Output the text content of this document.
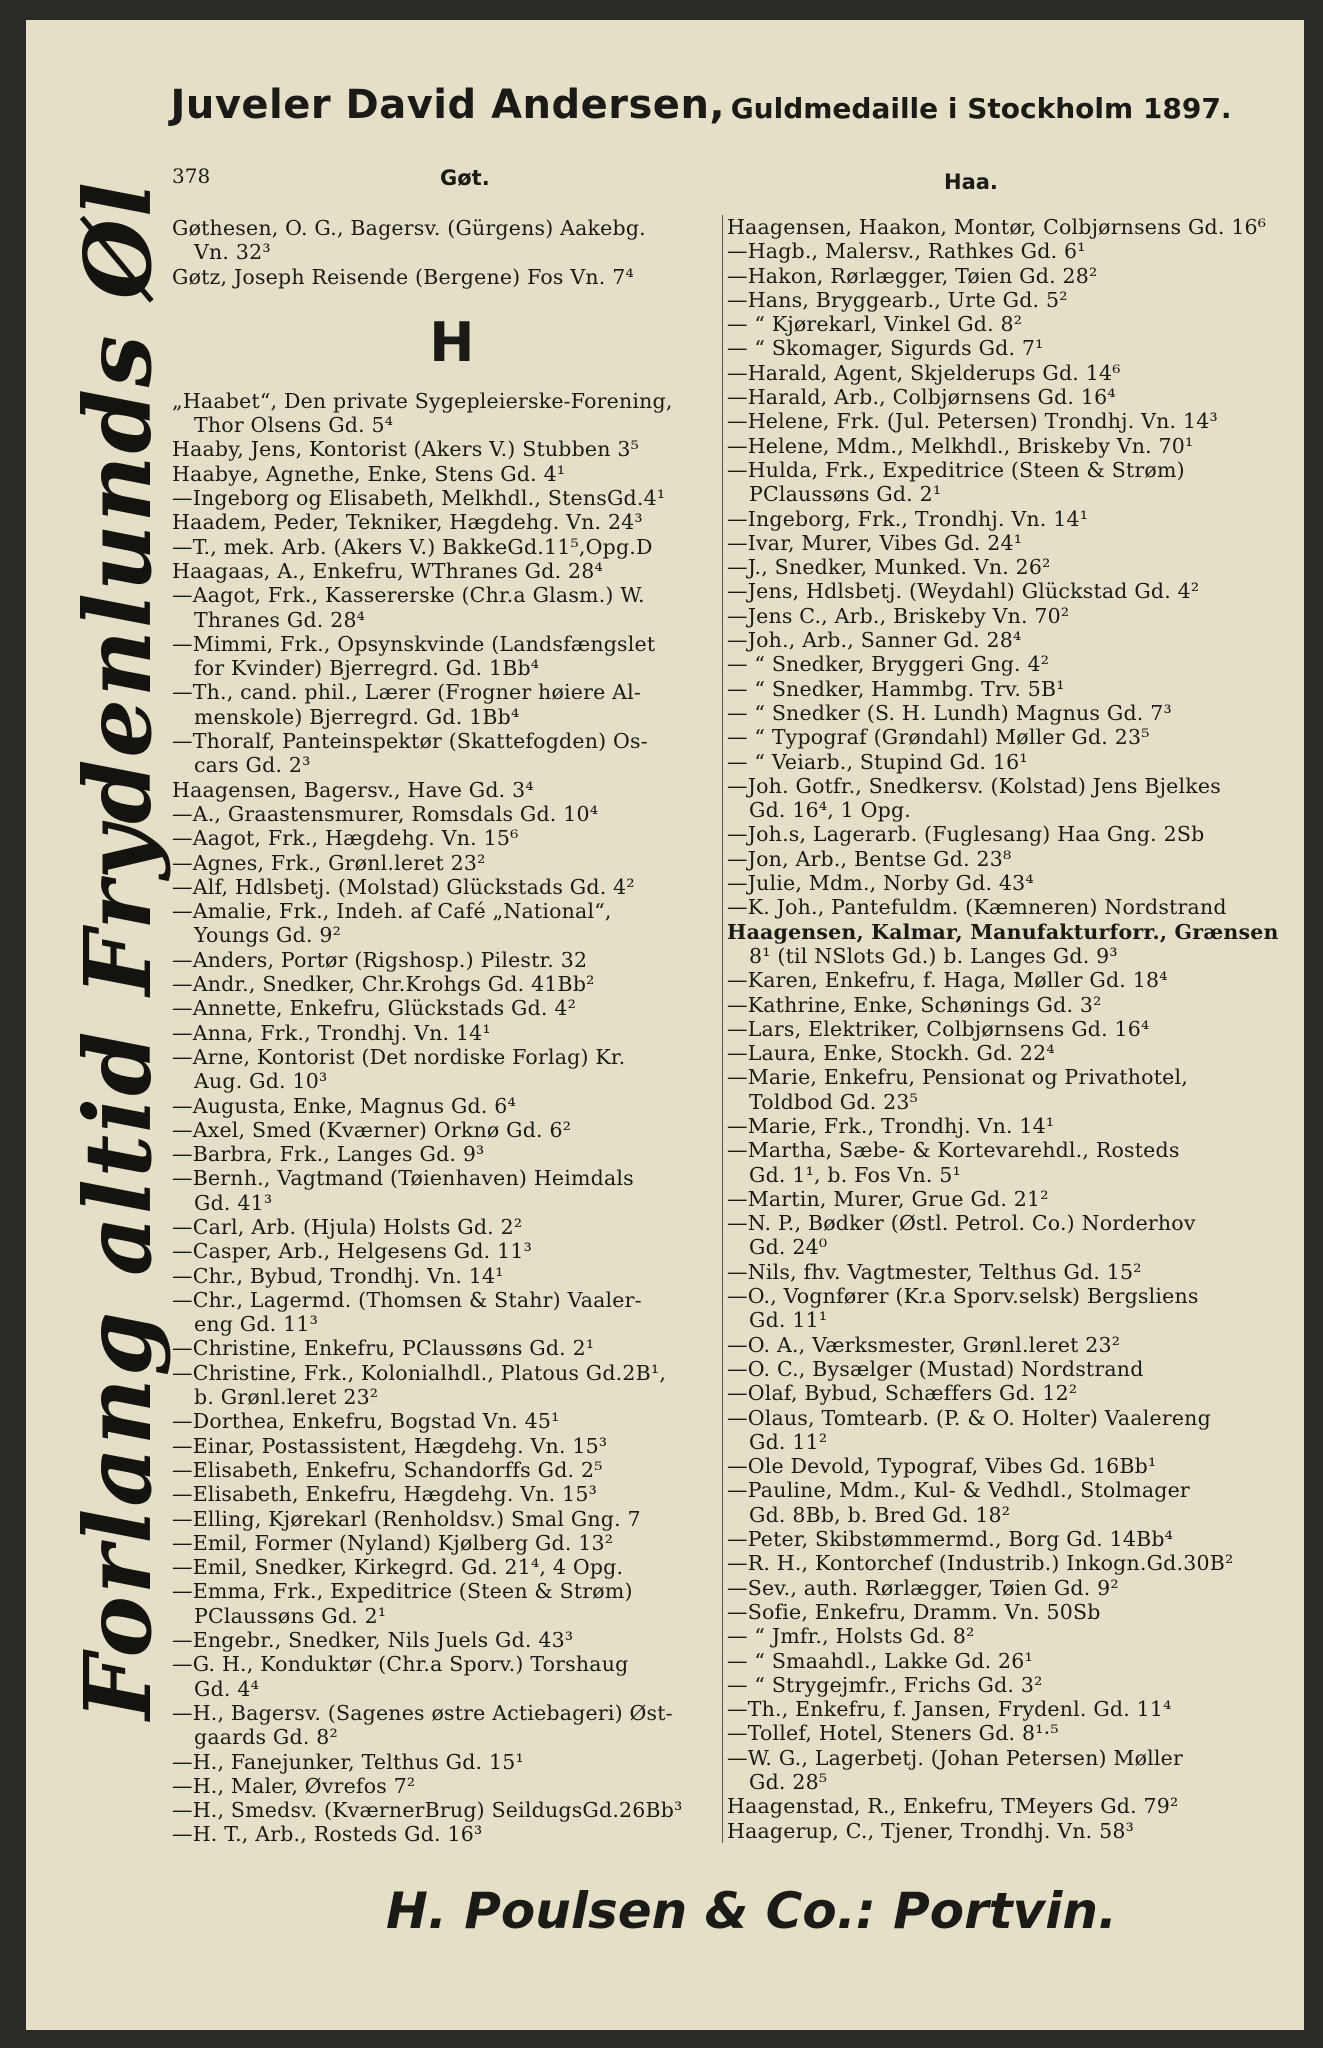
Juveler David Andersen, Guldmedaille i Stockholm 1897.
378	Gøt.	Haa.
Forlang altid Frydenlunds Øl Gøthesen, O. G., Bagersv. (Gürgens) Aakebg.
Vn. 32³
Gøtz, Joseph Reisende (Bergene) Fos Vn. 7⁴
H
„Haabet“, Den private Sygepleierske-Forening,
Thor Olsens Gd. 5⁴
Haaby, Jens, Kontorist (Akers V.) Stubben 3⁵
Haabye, Agnethe, Enke, Stens Gd. 4¹
—Ingeborg og Elisabeth, Melkhdl., StensGd.4¹
Haadem, Peder, Tekniker, Hægdehg. Vn. 24³
—T., mek. Arb. (Akers V.) BakkeGd.11⁵,Opg.D
Haagaas, A., Enkefru, WThranes Gd. 28⁴
—Aagot, Frk., Kassererske (Chr.a Glasm.) W.
Thranes Gd. 28⁴
—Mimmi, Frk., Opsynskvinde (Landsfængslet
for Kvinder) Bjerregrd. Gd. 1Bb⁴
—Th., cand. phil., Lærer (Frogner høiere Al-
menskole) Bjerregrd. Gd. 1Bb⁴
—Thoralf, Panteinspektør (Skattefogden) Os-
cars Gd. 2³
Haagensen, Bagersv., Have Gd. 3⁴
—A., Graastensmurer, Romsdals Gd. 10⁴
—Aagot, Frk., Hægdehg. Vn. 15⁶
—Agnes, Frk., Grønl.leret 23²
—Alf, Hdlsbetj. (Molstad) Glückstads Gd. 4²
—Amalie, Frk., Indeh. af Café „National“,
Youngs Gd. 9²
—Anders, Portør (Rigshosp.) Pilestr. 32
—Andr., Snedker, Chr.Krohgs Gd. 41Bb²
—Annette, Enkefru, Glückstads Gd. 4²
—Anna, Frk., Trondhj. Vn. 14¹
—Arne, Kontorist (Det nordiske Forlag) Kr.
Aug. Gd. 10³
—Augusta, Enke, Magnus Gd. 6⁴
—Axel, Smed (Kværner) Orknø Gd. 6²
—Barbra, Frk., Langes Gd. 9³
—Bernh., Vagtmand (Tøienhaven) Heimdals
Gd. 41³
—Carl, Arb. (Hjula) Holsts Gd. 2²
—Casper, Arb., Helgesens Gd. 11³
—Chr., Bybud, Trondhj. Vn. 14¹
—Chr., Lagermd. (Thomsen & Stahr) Vaaler-
eng Gd. 11³
—Christine, Enkefru, PClaussøns Gd. 2¹
—Christine, Frk., Kolonialhdl., Platous Gd.2B¹,
b. Grønl.leret 23²
—Dorthea, Enkefru, Bogstad Vn. 45¹
—Einar, Postassistent, Hægdehg. Vn. 15³
—Elisabeth, Enkefru, Schandorffs Gd. 2⁵
—Elisabeth, Enkefru, Hægdehg. Vn. 15³
—Elling, Kjørekarl (Renholdsv.) Smal Gng. 7
—Emil, Former (Nyland) Kjølberg Gd. 13²
—Emil, Snedker, Kirkegrd. Gd. 21⁴, 4 Opg.
—Emma, Frk., Expeditrice (Steen & Strøm)
PClaussøns Gd. 2¹
—Engebr., Snedker, Nils Juels Gd. 43³
—G. H., Konduktør (Chr.a Sporv.) Torshaug
Gd. 4⁴
—H., Bagersv. (Sagenes østre Actiebageri) Øst-
gaards Gd. 8²
—H., Fanejunker, Telthus Gd. 15¹
—H., Maler, Øvrefos 7²
—H., Smedsv. (KværnerBrug) SeildugsGd.26Bb³
—H. T., Arb., Rosteds Gd. 16³
Haagensen, Haakon, Montør, Colbjørnsens Gd. 16⁶
—Hagb., Malersv., Rathkes Gd. 6¹
—Hakon, Rørlægger, Tøien Gd. 28²
—Hans, Bryggearb., Urte Gd. 5²
— “ Kjørekarl, Vinkel Gd. 8²
— “ Skomager, Sigurds Gd. 7¹
—Harald, Agent, Skjelderups Gd. 14⁶
—Harald, Arb., Colbjørnsens Gd. 16⁴
—Helene, Frk. (Jul. Petersen) Trondhj. Vn. 14³
—Helene, Mdm., Melkhdl., Briskeby Vn. 70¹
—Hulda, Frk., Expeditrice (Steen & Strøm)
PClaussøns Gd. 2¹
—Ingeborg, Frk., Trondhj. Vn. 14¹
—Ivar, Murer, Vibes Gd. 24¹
—J., Snedker, Munked. Vn. 26²
—Jens, Hdlsbetj. (Weydahl) Glückstad Gd. 4²
—Jens C., Arb., Briskeby Vn. 70²
—Joh., Arb., Sanner Gd. 28⁴
— “ Snedker, Bryggeri Gng. 4²
— “ Snedker, Hammbg. Trv. 5B¹
— “ Snedker (S. H. Lundh) Magnus Gd. 7³
— “ Typograf (Grøndahl) Møller Gd. 23⁵
— “ Veiarb., Stupind Gd. 16¹
—Joh. Gotfr., Snedkersv. (Kolstad) Jens Bjelkes
Gd. 16⁴, 1 Opg.
—Joh.s, Lagerarb. (Fuglesang) Haa Gng. 2Sb
—Jon, Arb., Bentse Gd. 23⁸
—Julie, Mdm., Norby Gd. 43⁴
—K. Joh., Pantefuldm. (Kæmneren) Nordstrand
Haagensen, Kalmar, Manufakturforr., Grænsen
8¹ (til NSlots Gd.) b. Langes Gd. 9³
—Karen, Enkefru, f. Haga, Møller Gd. 18⁴
—Kathrine, Enke, Schønings Gd. 3²
—Lars, Elektriker, Colbjørnsens Gd. 16⁴
—Laura, Enke, Stockh. Gd. 22⁴
—Marie, Enkefru, Pensionat og Privathotel,
Toldbod Gd. 23⁵
—Marie, Frk., Trondhj. Vn. 14¹
—Martha, Sæbe- & Kortevarehdl., Rosteds
Gd. 1¹, b. Fos Vn. 5¹
—Martin, Murer, Grue Gd. 21²
—N. P., Bødker (Østl. Petrol. Co.) Norderhov
Gd. 24⁰
—Nils, fhv. Vagtmester, Telthus Gd. 15²
—O., Vognfører (Kr.a Sporv.selsk) Bergsliens
Gd. 11¹
—O. A., Værksmester, Grønl.leret 23²
—O. C., Bysælger (Mustad) Nordstrand
—Olaf, Bybud, Schæffers Gd. 12²
—Olaus, Tomtearb. (P. & O. Holter) Vaalereng
Gd. 11²
—Ole Devold, Typograf, Vibes Gd. 16Bb¹
—Pauline, Mdm., Kul- & Vedhdl., Stolmager
Gd. 8Bb, b. Bred Gd. 18²
—Peter, Skibstømmermd., Borg Gd. 14Bb⁴
—R. H., Kontorchef (Industrib.) Inkogn.Gd.30B²
—Sev., auth. Rørlægger, Tøien Gd. 9²
—Sofie, Enkefru, Dramm. Vn. 50Sb
— “ Jmfr., Holsts Gd. 8²
— “ Smaahdl., Lakke Gd. 26¹
— “ Strygejmfr., Frichs Gd. 3²
—Th., Enkefru, f. Jansen, Frydenl. Gd. 11⁴
—Tollef, Hotel, Steners Gd. 8¹·⁵
—W. G., Lagerbetj. (Johan Petersen) Møller
Gd. 28⁵
Haagenstad, R., Enkefru, TMeyers Gd. 79²
Haagerup, C., Tjener, Trondhj. Vn. 58³
H. Poulsen & Co.: Portvin.
